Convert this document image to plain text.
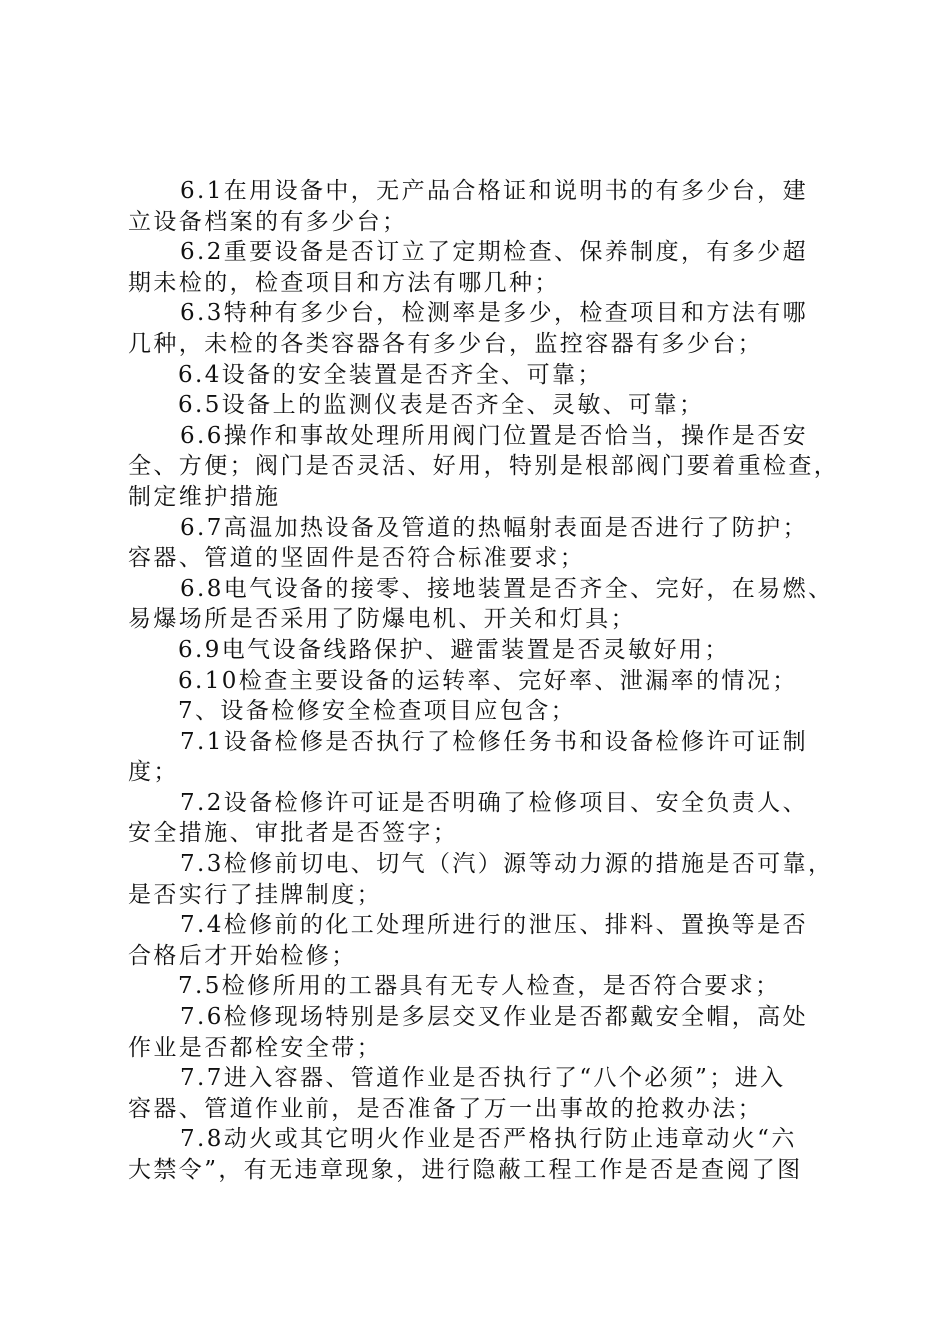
6.1在用设备中，无产品合格证和说明书的有多少台，建
立设备档案的有多少台；
6.2重要设备是否订立了定期检查、保养制度，有多少超
期未检的，检查项目和方法有哪几种；
6.3特种有多少台，检测率是多少，检查项目和方法有哪
几种，未检的各类容器各有多少台，监控容器有多少台；
6.4设备的安全装置是否齐全、可靠；
6.5设备上的监测仪表是否齐全、灵敏、可靠；
6.6操作和事故处理所用阀门位置是否恰当，操作是否安
全、方便；阀门是否灵活、好用，特别是根部阀门要着重检查，
制定维护措施
6.7高温加热设备及管道的热幅射表面是否进行了防护；
容器、管道的坚固件是否符合标准要求；
6.8电气设备的接零、接地装置是否齐全、完好，在易燃、
易爆场所是否采用了防爆电机、开关和灯具；
6.9电气设备线路保护、避雷装置是否灵敏好用；
6.10检查主要设备的运转率、完好率、泄漏率的情况；
7、设备检修安全检查项目应包含；
7.1设备检修是否执行了检修任务书和设备检修许可证制
度；
7.2设备检修许可证是否明确了检修项目、安全负责人、
安全措施、审批者是否签字；
7.3检修前切电、切气（汽）源等动力源的措施是否可靠，
是否实行了挂牌制度；
7.4检修前的化工处理所进行的泄压、排料、置换等是否
合格后才开始检修；
7.5检修所用的工器具有无专人检查，是否符合要求；
7.6检修现场特别是多层交叉作业是否都戴安全帽，高处
作业是否都栓安全带；
7.7进入容器、管道作业是否执行了“八个必须”；进入
容器、管道作业前，是否准备了万一出事故的抢救办法；
7.8动火或其它明火作业是否严格执行防止违章动火“六
大禁令”，有无违章现象，进行隐蔽工程工作是否是查阅了图
